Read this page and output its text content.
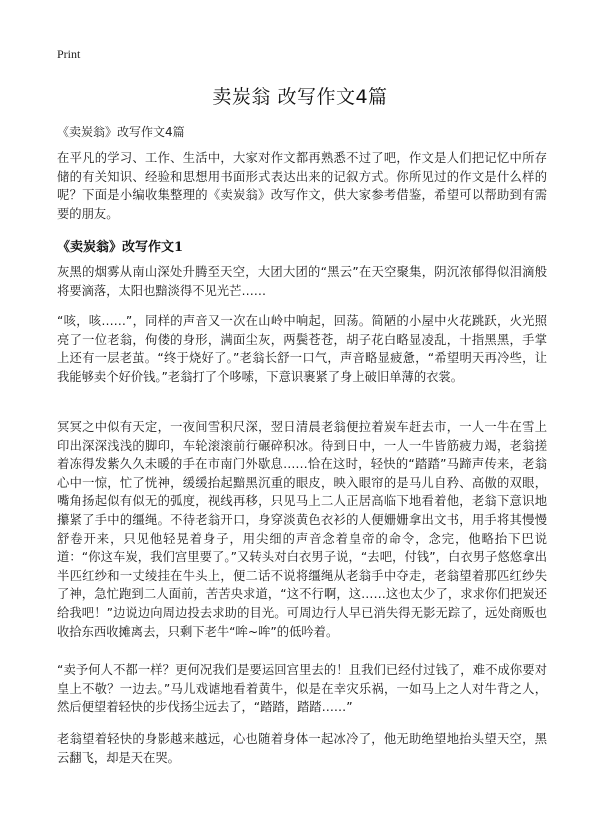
Print
卖炭翁 改写作文4篇
《卖炭翁》改写作文4篇

在平凡的学习、工作、生活中，大家对作文都再熟悉不过了吧，作文是人们把记忆中所存储的有关知识、经验和思想用书面形式表达出来的记叙方式。你所见过的作文是什么样的呢？下面是小编收集整理的《卖炭翁》改写作文，供大家参考借鉴，希望可以帮助到有需要的朋友。

《卖炭翁》改写作文1

灰黑的烟雾从南山深处升腾至天空，大团大团的“黑云”在天空聚集，阴沉浓郁得似泪滴般将要滴落，太阳也黯淡得不见光芒……

“咳，咳……”，同样的声音又一次在山岭中响起，回荡。简陋的小屋中火花跳跃，火光照亮了一位老翁，佝偻的身形，满面尘灰，两鬓苍苍，胡子花白略显凌乱，十指黑黑，手掌上还有一层老茧。“终于烧好了。”老翁长舒一口气，声音略显疲惫，“希望明天再冷些，让我能够卖个好价钱。”老翁打了个哆嗦，下意识裹紧了身上破旧单薄的衣裳。

冥冥之中似有天定，一夜间雪积尺深，翌日清晨老翁便拉着炭车赶去市，一人一牛在雪上印出深深浅浅的脚印，车轮滚滚前行碾碎积冰。待到日中，一人一牛皆筋疲力竭，老翁搓着冻得发紫久久未暖的手在市南门外歇息……恰在这时，轻快的“踏踏”马蹄声传来，老翁心中一惊，忙了恍神，缓缓抬起黯黑沉重的眼皮，映入眼帘的是马儿自矜、高傲的双眼，嘴角扬起似有似无的弧度，视线再移，只见马上二人正居高临下地看着他，老翁下意识地攥紧了手中的缰绳。不待老翁开口，身穿淡黄色衣衫的人便姗姗拿出文书，用手将其慢慢舒卷开来，只见他轻晃着身子，用尖细的声音念着皇帝的命令，念完，他略抬下巴说道：“你这车炭，我们宫里要了。”又转头对白衣男子说，“去吧，付钱”，白衣男子悠悠拿出半匹红纱和一丈绫挂在牛头上，便二话不说将缰绳从老翁手中夺走，老翁望着那匹红纱失了神，急忙跑到二人面前，苦苦央求道，“这不行啊，这……这也太少了，求求你们把炭还给我吧！”边说边向周边投去求助的目光。可周边行人早已消失得无影无踪了，远处商贩也收拾东西收摊离去，只剩下老牛“哞~哞”的低吟着。

“卖予何人不都一样？更何况我们是要运回宫里去的！且我们已经付过钱了，难不成你要对皇上不敬？一边去。”马儿戏谑地看着黄牛，似是在幸灾乐祸，一如马上之人对牛背之人，然后便望着轻快的步伐扬尘远去了，“踏踏，踏踏……”

老翁望着轻快的身影越来越远，心也随着身体一起冰冷了，他无助绝望地抬头望天空，黑云翻飞，却是天在哭。
